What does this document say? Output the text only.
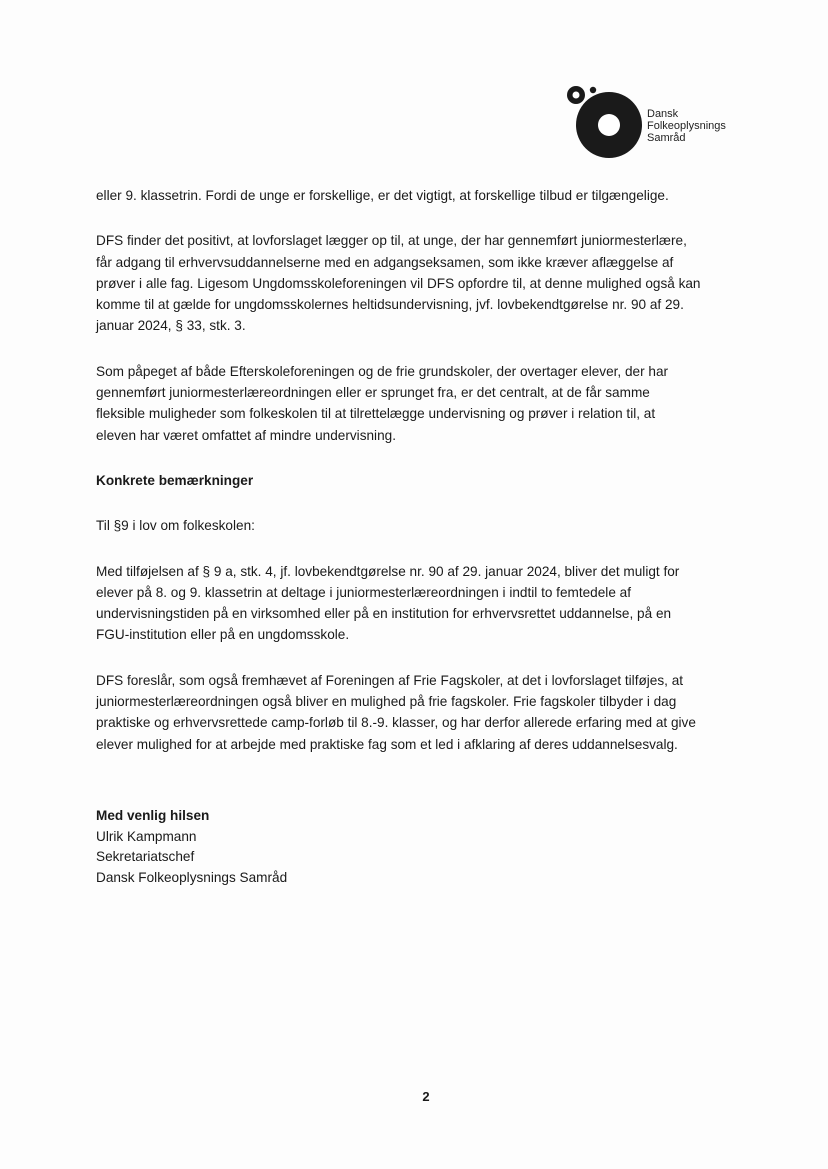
Dansk
Folkeoplysnings
Samråd

eller 9. klassetrin. Fordi de unge er forskellige, er det vigtigt, at forskellige tilbud er tilgængelige.

DFS finder det positivt, at lovforslaget lægger op til, at unge, der har gennemført juniormesterlære,
får adgang til erhvervsuddannelserne med en adgangseksamen, som ikke kræver aflæggelse af
prøver i alle fag. Ligesom Ungdomsskoleforeningen vil DFS opfordre til, at denne mulighed også kan
komme til at gælde for ungdomsskolernes heltidsundervisning, jvf. lovbekendtgørelse nr. 90 af 29.
januar 2024, § 33, stk. 3.

Som påpeget af både Efterskoleforeningen og de frie grundskoler, der overtager elever, der har
gennemført juniormesterlæreordningen eller er sprunget fra, er det centralt, at de får samme
fleksible muligheder som folkeskolen til at tilrettelægge undervisning og prøver i relation til, at
eleven har været omfattet af mindre undervisning.

Konkrete bemærkninger

Til §9 i lov om folkeskolen:

Med tilføjelsen af § 9 a, stk. 4, jf. lovbekendtgørelse nr. 90 af 29. januar 2024, bliver det muligt for
elever på 8. og 9. klassetrin at deltage i juniormesterlæreordningen i indtil to femtedele af
undervisningstiden på en virksomhed eller på en institution for erhvervsrettet uddannelse, på en
FGU-institution eller på en ungdomsskole.

DFS foreslår, som også fremhævet af Foreningen af Frie Fagskoler, at det i lovforslaget tilføjes, at
juniormesterlæreordningen også bliver en mulighed på frie fagskoler. Frie fagskoler tilbyder i dag
praktiske og erhvervsrettede camp-forløb til 8.-9. klasser, og har derfor allerede erfaring med at give
elever mulighed for at arbejde med praktiske fag som et led i afklaring af deres uddannelsesvalg.

Med venlig hilsen
Ulrik Kampmann
Sekretariatschef
Dansk Folkeoplysnings Samråd
2
